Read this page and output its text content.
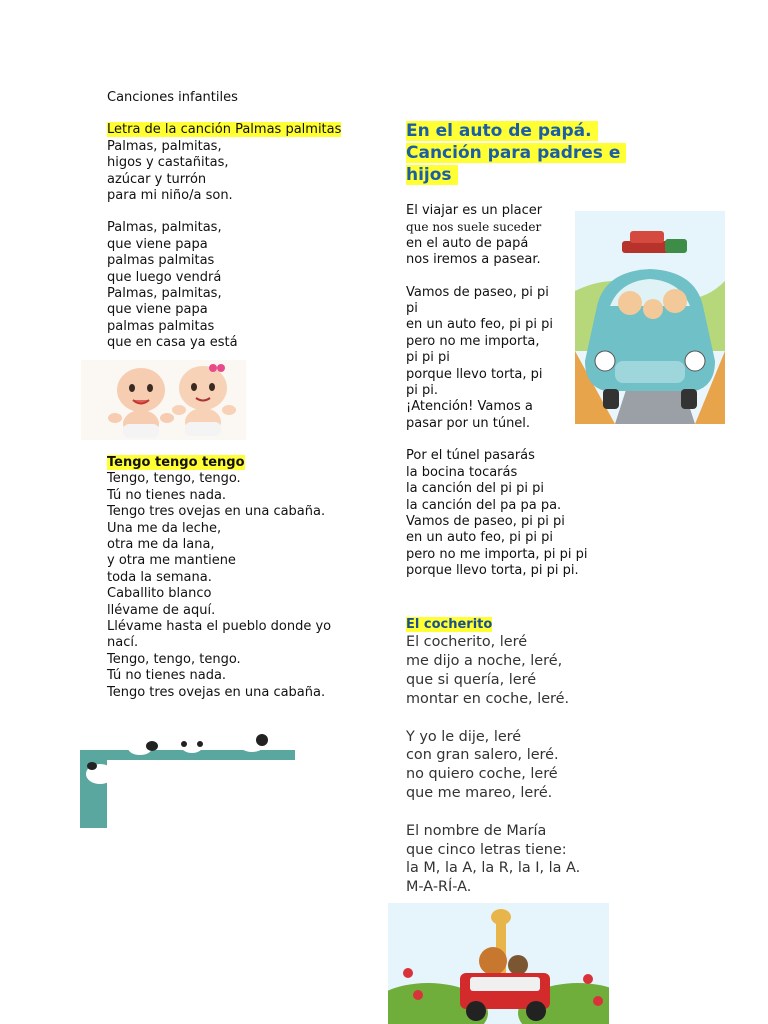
Canciones infantiles
Letra de la canción Palmas palmitas
Palmas, palmitas,
higos y castañitas,
azúcar y turrón
para mi niño/a son.
Palmas, palmitas,
que viene papa
palmas palmitas
que luego vendrá
Palmas, palmitas,
que viene papa
palmas palmitas
que en casa ya está
Tengo tengo tengo
Tengo, tengo, tengo.
Tú no tienes nada.
Tengo tres ovejas en una cabaña.
Una me da leche,
otra me da lana,
y otra me mantiene
toda la semana.
Caballito blanco
llévame de aquí.
Llévame hasta el pueblo donde yo
nací.
Tengo, tengo, tengo.
Tú no tienes nada.
Tengo tres ovejas en una cabaña.
En el auto de papá.
Canción para padres e
hijos
El viajar es un placer
que nos suele suceder
en el auto de papá
nos iremos a pasear.
Vamos de paseo, pi pi
pi
en un auto feo, pi pi pi
pero no me importa,
pi pi pi
porque llevo torta, pi
pi pi.
¡Atención! Vamos a
pasar por un túnel.
Por el túnel pasarás
la bocina tocarás
la canción del pi pi pi
la canción del pa pa pa.
Vamos de paseo, pi pi pi
en un auto feo, pi pi pi
pero no me importa, pi pi pi
porque llevo torta, pi pi pi.
El cocherito
El cocherito, leré
me dijo a noche, leré,
que si quería, leré
montar en coche, leré.
Y yo le dije, leré
con gran salero, leré.
no quiero coche, leré
que me mareo, leré.
El nombre de María
que cinco letras tiene:
la M, la A, la R, la I, la A.
M-A-RÍ-A.
